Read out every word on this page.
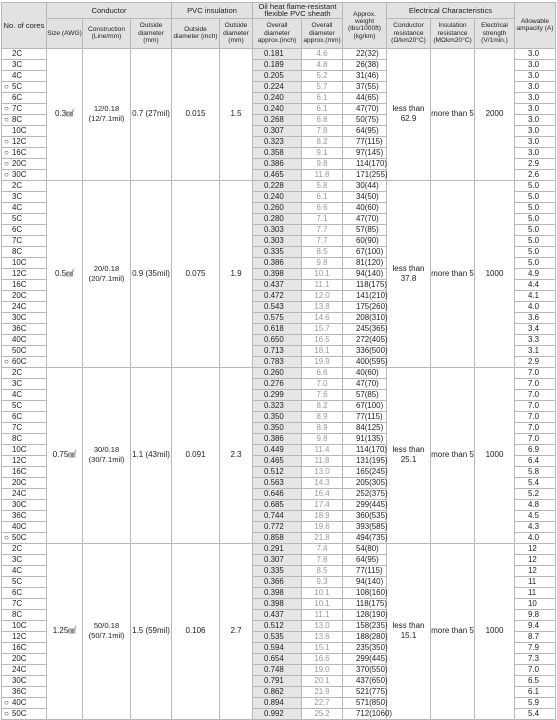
No. of cores	Conductor			PVC insulation		Oil heat flame-resistant flexible PVC sheath		Approx. weight (lbs/1000ft) (kg/km)	Electrical Characteristics			Allowable ampacity (A)
	Size (AWG)	Construction (Line/mm)	Outside diameter (mm)	Outside diameter (inch)	Outside diameter (mm)	Overall diameter approx.(inch)	Overall diameter approx.(mm)		Conductor resistance (Ω/km20°C)	Insulation resistance (MΩkm20°C)	Electrical strength (V/1min.)	
2C	0.3㎟	12/0.18 (12/7.1mil)	0.7 (27mil)	0.015	1.5	0.181	4.6	22(32)	less than 62.9	more than 5	2000	3.0
3C						0.189	4.8	26(38)				3.0
4C						0.205	5.2	31(46)				3.0
○ 5C						0.224	5.7	37(55)				3.0
6C						0.240	6.1	44(65)				3.0
○ 7C						0.240	6.1	47(70)				3.0
○ 8C						0.268	6.8	50(75)				3.0
10C						0.307	7.8	64(95)				3.0
○ 12C						0.323	8.2	77(115)				3.0
○ 16C						0.358	9.1	97(145)				3.0
○ 20C						0.386	9.8	114(170)				2.9
○ 30C						0.465	11.8	171(255)				2.6
2C	0.5㎟	20/0.18 (20/7.1mil)	0.9 (35mil)	0.075	1.9	0.228	5.8	30(44)	less than 37.8	more than 5	1000	5.0
3C						0.240	6.1	34(50)				5.0
4C						0.260	6.6	40(60)				5.0
5C						0.280	7.1	47(70)				5.0
6C						0.303	7.7	57(85)				5.0
7C						0.303	7.7	60(90)				5.0
8C						0.335	8.5	67(100)				5.0
10C						0.386	9.8	81(120)				5.0
12C						0.398	10.1	94(140)				4.9
16C						0.437	11.1	118(175)				4.4
20C						0.472	12.0	141(210)				4.1
24C						0.543	13.8	175(260)				4.0
30C						0.575	14.6	208(310)				3.6
36C						0.618	15.7	245(365)				3.4
40C						0.650	16.5	272(405)				3.3
50C						0.713	18.1	336(500)				3.1
○ 60C						0.783	19.9	400(595)				2.9
2C	0.75㎟	30/0.18 (30/7.1mil)	1.1 (43mil)	0.091	2.3	0.260	6.6	40(60)	less than 25.1	more than 5	1000	7.0
3C						0.276	7.0	47(70)				7.0
4C						0.299	7.6	57(85)				7.0
5C						0.323	8.2	67(100)				7.0
6C						0.350	8.9	77(115)				7.0
7C						0.350	8.9	84(125)				7.0
8C						0.386	9.8	91(135)				7.0
10C						0.449	11.4	114(170)				6.9
12C						0.465	11.8	131(195)				6.4
16C						0.512	13.0	165(245)				5.8
20C						0.563	14.3	205(305)				5.4
24C						0.646	16.4	252(375)				5.2
30C						0.685	17.4	299(445)				4.8
36C						0.744	18.9	360(535)				4.5
40C						0.772	19.6	393(585)				4.3
○ 50C						0.858	21.8	494(735)				4.0
2C	1.25㎟	50/0.18 (50/7.1mil)	1.5 (59mil)	0.106	2.7	0.291	7.4	54(80)	less than 15.1	more than 5	1000	12
3C						0.307	7.8	64(95)				12
4C						0.335	8.5	77(115)				12
5C						0.366	9.3	94(140)				11
6C						0.398	10.1	108(160)				11
7C						0.398	10.1	118(175)				10
8C						0.437	11.1	128(190)				9.8
10C						0.512	13.0	158(235)				9.4
12C						0.535	13.6	188(280)				8.7
16C						0.594	15.1	235(350)				7.9
20C						0.654	16.6	299(445)				7.3
24C						0.748	19.0	370(550)				7.0
30C						0.791	20.1	437(650)				6.5
36C						0.862	21.9	521(775)				6.1
○ 40C						0.894	22.7	571(850)				5.9
○ 50C						0.992	25.2	712(1060)				5.4
